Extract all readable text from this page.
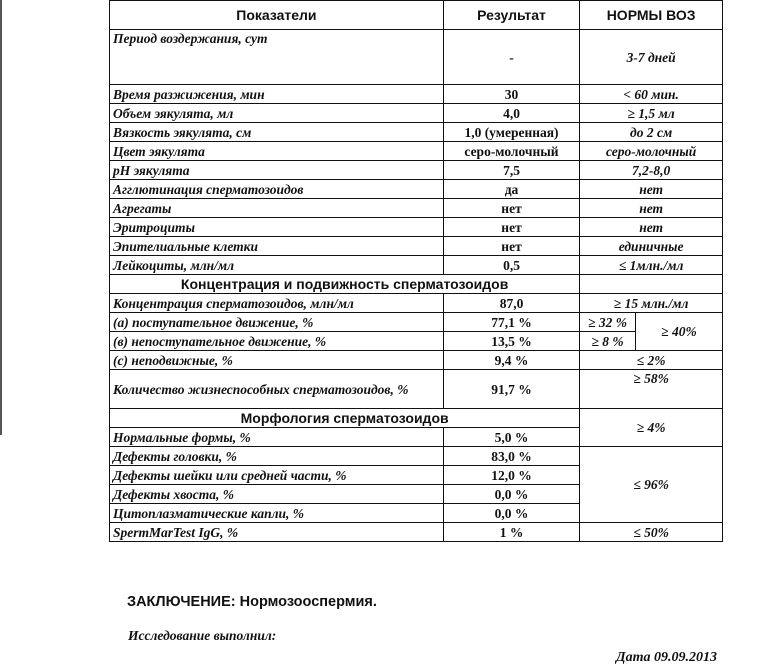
Показатели	Результат	НОРМЫ ВОЗ	
Период воздержания, сут	-	3-7 дней	
Время разжижения, мин	30	< 60 мин.	
Объем эякулята, мл	4,0	≥ 1,5 мл	
Вязкость эякулята, см	1,0 (умеренная)	до 2 см	
Цвет эякулята	серо-молочный	серо-молочный	
pH эякулята	7,5	7,2-8,0	
Агглютинация сперматозоидов	да	нет	
Агрегаты	нет	нет	
Эритроциты	нет	нет	
Эпителиальные клетки	нет	единичные	
Лейкоциты, млн/мл	0,5	≤ 1млн./мл	
Концентрация и подвижность сперматозоидов			
Концентрация сперматозоидов, млн/мл	87,0	≥ 15 млн./мл	
(а) поступательное движение, %	77,1 %	≥ 32 %	≥ 40%
(в) непоступательное движение, %	13,5 %	≥ 8 %	
(с) неподвижные, %	9,4 %	≤ 2%	
Количество жизнеспособных сперматозоидов, %	91,7 %	≥ 58%	
Морфология сперматозоидов		≥ 4%	
Нормальные формы, %	5,0 %		
Дефекты головки, %	83,0 %	≤ 96%	
Дефекты шейки или средней части, %	12,0 %		
Дефекты хвоста, %	0,0 %		
Цитоплазматические капли, %	0,0 %		
SpermMarTest IgG, %	1 %	≤ 50%	
ЗАКЛЮЧЕНИЕ: Нормозооспермия.
Исследование выполнил:
Дата 09.09.2013
